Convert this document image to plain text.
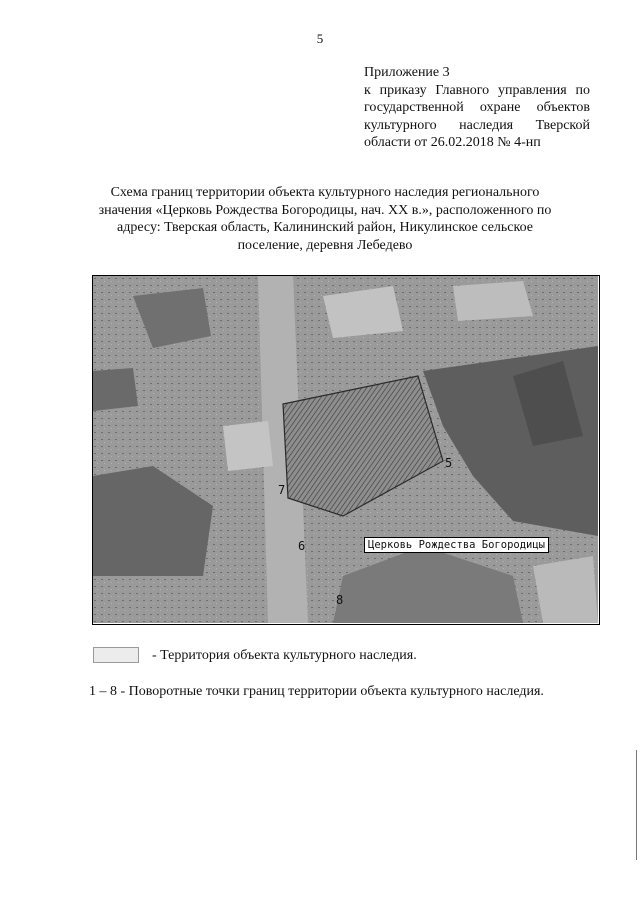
5
Приложение 3
к приказу Главного управления по
государственной охране объектов
культурного наследия Тверской
области от 26.02.2018 № 4-нп
Схема границ территории объекта культурного наследия регионального
значения «Церковь Рождества Богородицы, нач. XX в.», расположенного по
адресу: Тверская область, Калининский район, Никулинское сельское
поселение, деревня Лебедево
5
6
7
8
Церковь Рождества Богородицы
- Территория объекта культурного наследия.
1 – 8 - Поворотные точки границ территории объекта культурного наследия.
